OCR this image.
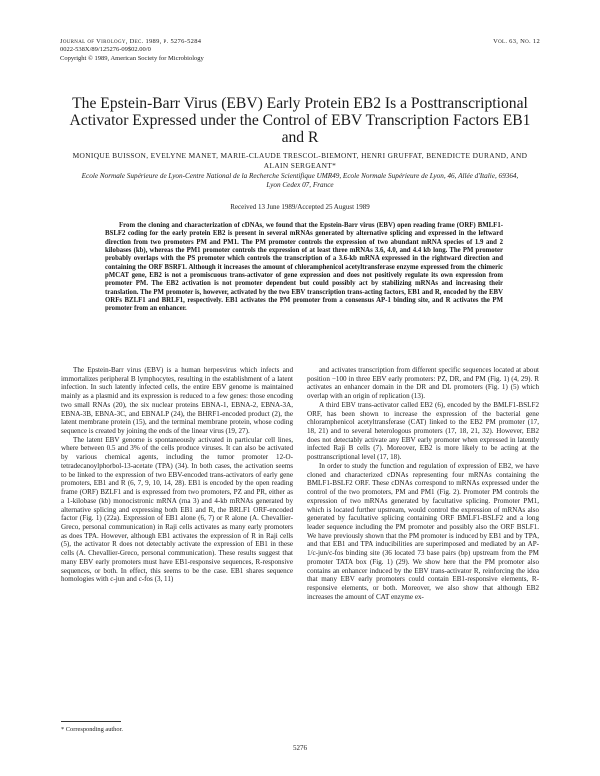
Journal of Virology, Dec. 1989, p. 5276-5284	Vol. 63, No. 12
0022-538X/89/125276-09$02.00/0
Copyright © 1989, American Society for Microbiology
The Epstein-Barr Virus (EBV) Early Protein EB2 Is a Posttranscriptional Activator Expressed under the Control of EBV Transcription Factors EB1 and R
MONIQUE BUISSON, EVELYNE MANET, MARIE-CLAUDE TRESCOL-BIEMONT, HENRI GRUFFAT, BENEDICTE DURAND, AND ALAIN SERGEANT*
Ecole Normale Supérieure de Lyon-Centre National de la Recherche Scientifique UMR49, Ecole Normale Supérieure de Lyon, 46, Allée d'Italie, 69364, Lyon Cedex 07, France
Received 13 June 1989/Accepted 25 August 1989

From the cloning and characterization of cDNAs, we found that the Epstein-Barr virus (EBV) open reading frame (ORF) BMLF1-BSLF2 coding for the early protein EB2 is present in several mRNAs generated by alternative splicing and expressed in the leftward direction from two promoters PM and PM1. The PM promoter controls the expression of two abundant mRNA species of 1.9 and 2 kilobases (kb), whereas the PM1 promoter controls the expression of at least three mRNAs 3.6, 4.0, and 4.4 kb long. The PM promoter probably overlaps with the PS promoter which controls the transcription of a 3.6-kb mRNA expressed in the rightward direction and containing the ORF BSRF1. Although it increases the amount of chloramphenicol acetyltransferase enzyme expressed from the chimeric pMCAT gene, EB2 is not a promiscuous trans-activator of gene expression and does not positively regulate its own expression from promoter PM. The EB2 activation is not promoter dependent but could possibly act by stabilizing mRNAs and increasing their translation. The PM promoter is, however, activated by the two EBV transcription trans-acting factors, EB1 and R, encoded by the EBV ORFs BZLF1 and BRLF1, respectively. EB1 activates the PM promoter from a consensus AP-1 binding site, and R activates the PM promoter from an enhancer.

The Epstein-Barr virus (EBV) is a human herpesvirus which infects and immortalizes peripheral B lymphocytes, resulting in the establishment of a latent infection. In such latently infected cells, the entire EBV genome is maintained mainly as a plasmid and its expression is reduced to a few genes: those encoding two small RNAs (20), the six nuclear proteins EBNA-1, EBNA-2, EBNA-3A, EBNA-3B, EBNA-3C, and EBNALP (24), the BHRF1-encoded product (2), the latent membrane protein (15), and the terminal membrane protein, whose coding sequence is created by joining the ends of the linear virus (19, 27).

The latent EBV genome is spontaneously activated in particular cell lines, where between 0.5 and 3% of the cells produce viruses. It can also be activated by various chemical agents, including the tumor promoter 12-O-tetradecanoylphorbol-13-acetate (TPA) (34). In both cases, the activation seems to be linked to the expression of two EBV-encoded trans-activators of early gene promoters, EB1 and R (6, 7, 9, 10, 14, 28). EB1 is encoded by the open reading frame (ORF) BZLF1 and is expressed from two promoters, PZ and PR, either as a 1-kilobase (kb) monocistronic mRNA (rna 3) and 4-kb mRNAs generated by alternative splicing and expressing both EB1 and R, the BRLF1 ORF-encoded factor (Fig. 1) (22a). Expression of EB1 alone (6, 7) or R alone (A. Chevallier-Greco, personal communication) in Raji cells activates as many early promoters as does TPA. However, although EB1 activates the expression of R in Raji cells (5), the activator R does not detectably activate the expression of EB1 in these cells (A. Chevallier-Greco, personal communication). These results suggest that many EBV early promoters must have EB1-responsive sequences, R-responsive sequences, or both. In effect, this seems to be the case. EB1 shares sequence homologies with c-jun and c-fos (3, 11)

and activates transcription from different specific sequences located at about position −100 in three EBV early promoters: PZ, DR, and PM (Fig. 1) (4, 29). R activates an enhancer domain in the DR and DL promoters (Fig. 1) (5) which overlap with an origin of replication (13).

A third EBV trans-activator called EB2 (6), encoded by the BMLF1-BSLF2 ORF, has been shown to increase the expression of the bacterial gene chloramphenicol acetyltransferase (CAT) linked to the EB2 PM promoter (17, 18, 21) and to several heterologous promoters (17, 18, 21, 32). However, EB2 does not detectably activate any EBV early promoter when expressed in latently infected Raji B cells (7). Moreover, EB2 is more likely to be acting at the posttranscriptional level (17, 18).

In order to study the function and regulation of expression of EB2, we have cloned and characterized cDNAs representing four mRNAs containing the BMLF1-BSLF2 ORF. These cDNAs correspond to mRNAs expressed under the control of the two promoters, PM and PM1 (Fig. 2). Promoter PM controls the expression of two mRNAs generated by facultative splicing. Promoter PM1, which is located further upstream, would control the expression of mRNAs also generated by facultative splicing containing ORF BMLF1-BSLF2 and a long leader sequence including the PM promoter and possibly also the ORF BSLF1. We have previously shown that the PM promoter is induced by EB1 and by TPA, and that EB1 and TPA inducibilities are superimposed and mediated by an AP-1/c-jun/c-fos binding site (36 located 73 base pairs (bp) upstream from the PM promoter TATA box (Fig. 1) (29). We show here that the PM promoter also contains an enhancer induced by the EBV trans-activator R, reinforcing the idea that many EBV early promoters could contain EB1-responsive elements, R-responsive elements, or both. Moreover, we also show that although EB2 increases the amount of CAT enzyme ex-

* Corresponding author.
5276
